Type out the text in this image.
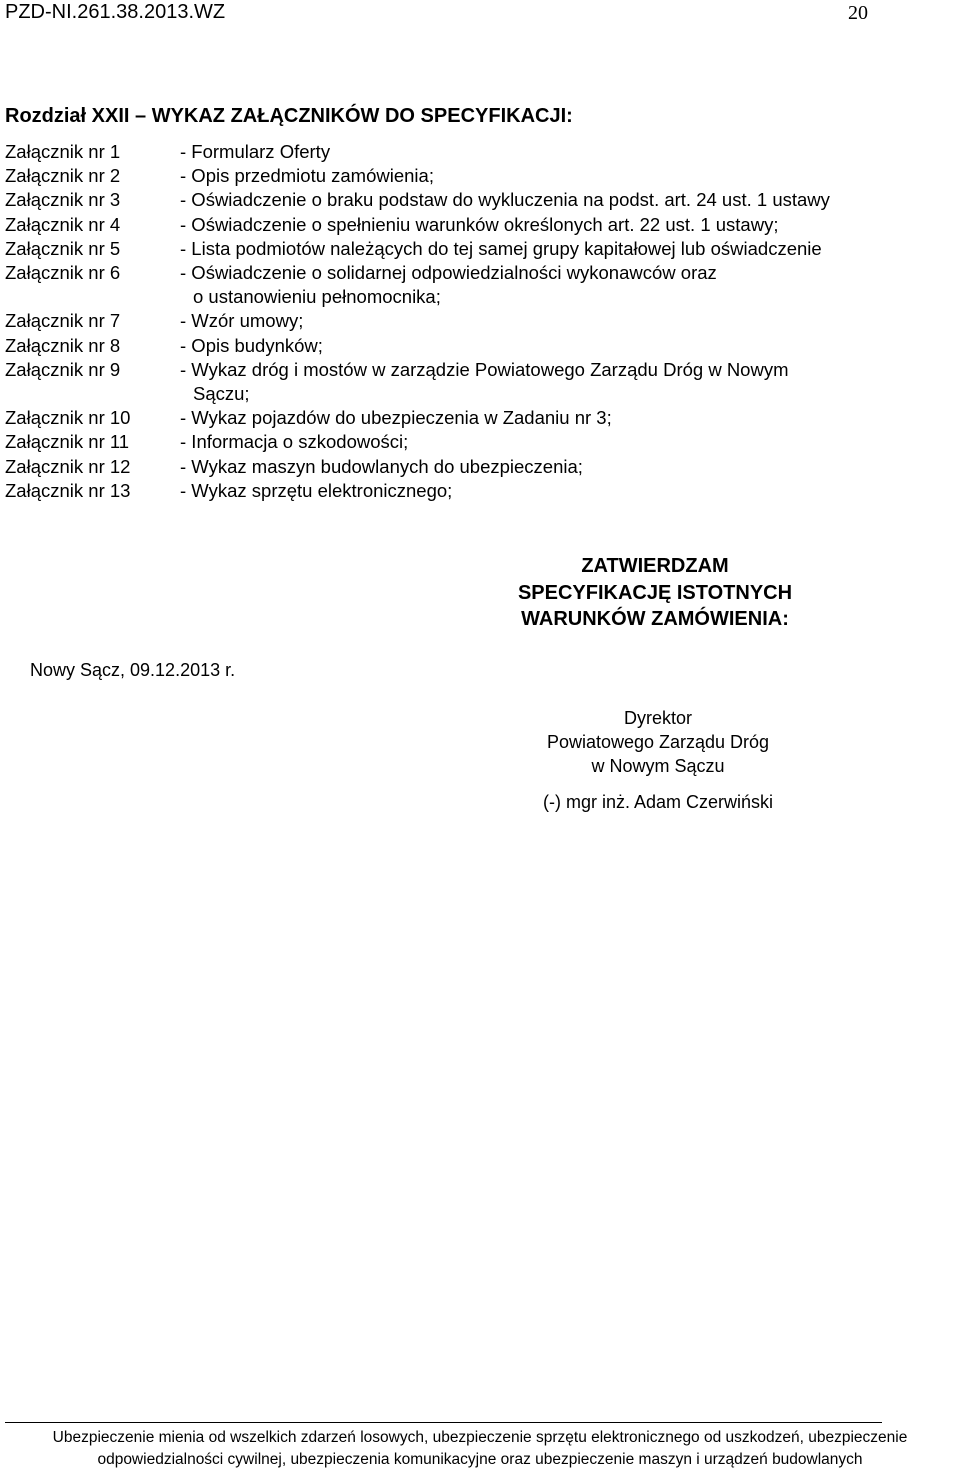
PZD-NI.261.38.2013.WZ	20
Rozdział XXII – WYKAZ ZAŁĄCZNIKÓW DO SPECYFIKACJI:
Załącznik nr 1	- Formularz Oferty
Załącznik nr 2	- Opis przedmiotu zamówienia;
Załącznik nr 3	- Oświadczenie o braku podstaw do wykluczenia na podst. art. 24 ust. 1 ustawy
Załącznik nr 4	- Oświadczenie o spełnieniu warunków określonych art. 22 ust. 1 ustawy;
Załącznik nr 5	- Lista podmiotów należących do tej samej grupy kapitałowej lub oświadczenie
Załącznik nr 6	- Oświadczenie o solidarnej odpowiedzialności wykonawców oraz
o ustanowieniu pełnomocnika;
Załącznik nr 7	- Wzór umowy;
Załącznik nr 8	- Opis budynków;
Załącznik nr 9	- Wykaz dróg i mostów w zarządzie Powiatowego Zarządu Dróg w Nowym
Sączu;
Załącznik nr 10	- Wykaz pojazdów do ubezpieczenia w Zadaniu nr 3;
Załącznik nr 11	- Informacja o szkodowości;
Załącznik nr 12	- Wykaz maszyn budowlanych do ubezpieczenia;
Załącznik nr 13	- Wykaz sprzętu elektronicznego;
ZATWIERDZAM
SPECYFIKACJĘ ISTOTNYCH
WARUNKÓW ZAMÓWIENIA:
Nowy Sącz, 09.12.2013 r.
Dyrektor
Powiatowego Zarządu Dróg
w Nowym Sączu
(-) mgr inż. Adam Czerwiński
Ubezpieczenie mienia od wszelkich zdarzeń losowych, ubezpieczenie sprzętu elektronicznego od uszkodzeń, ubezpieczenie
odpowiedzialności cywilnej, ubezpieczenia komunikacyjne oraz ubezpieczenie maszyn i urządzeń budowlanych
